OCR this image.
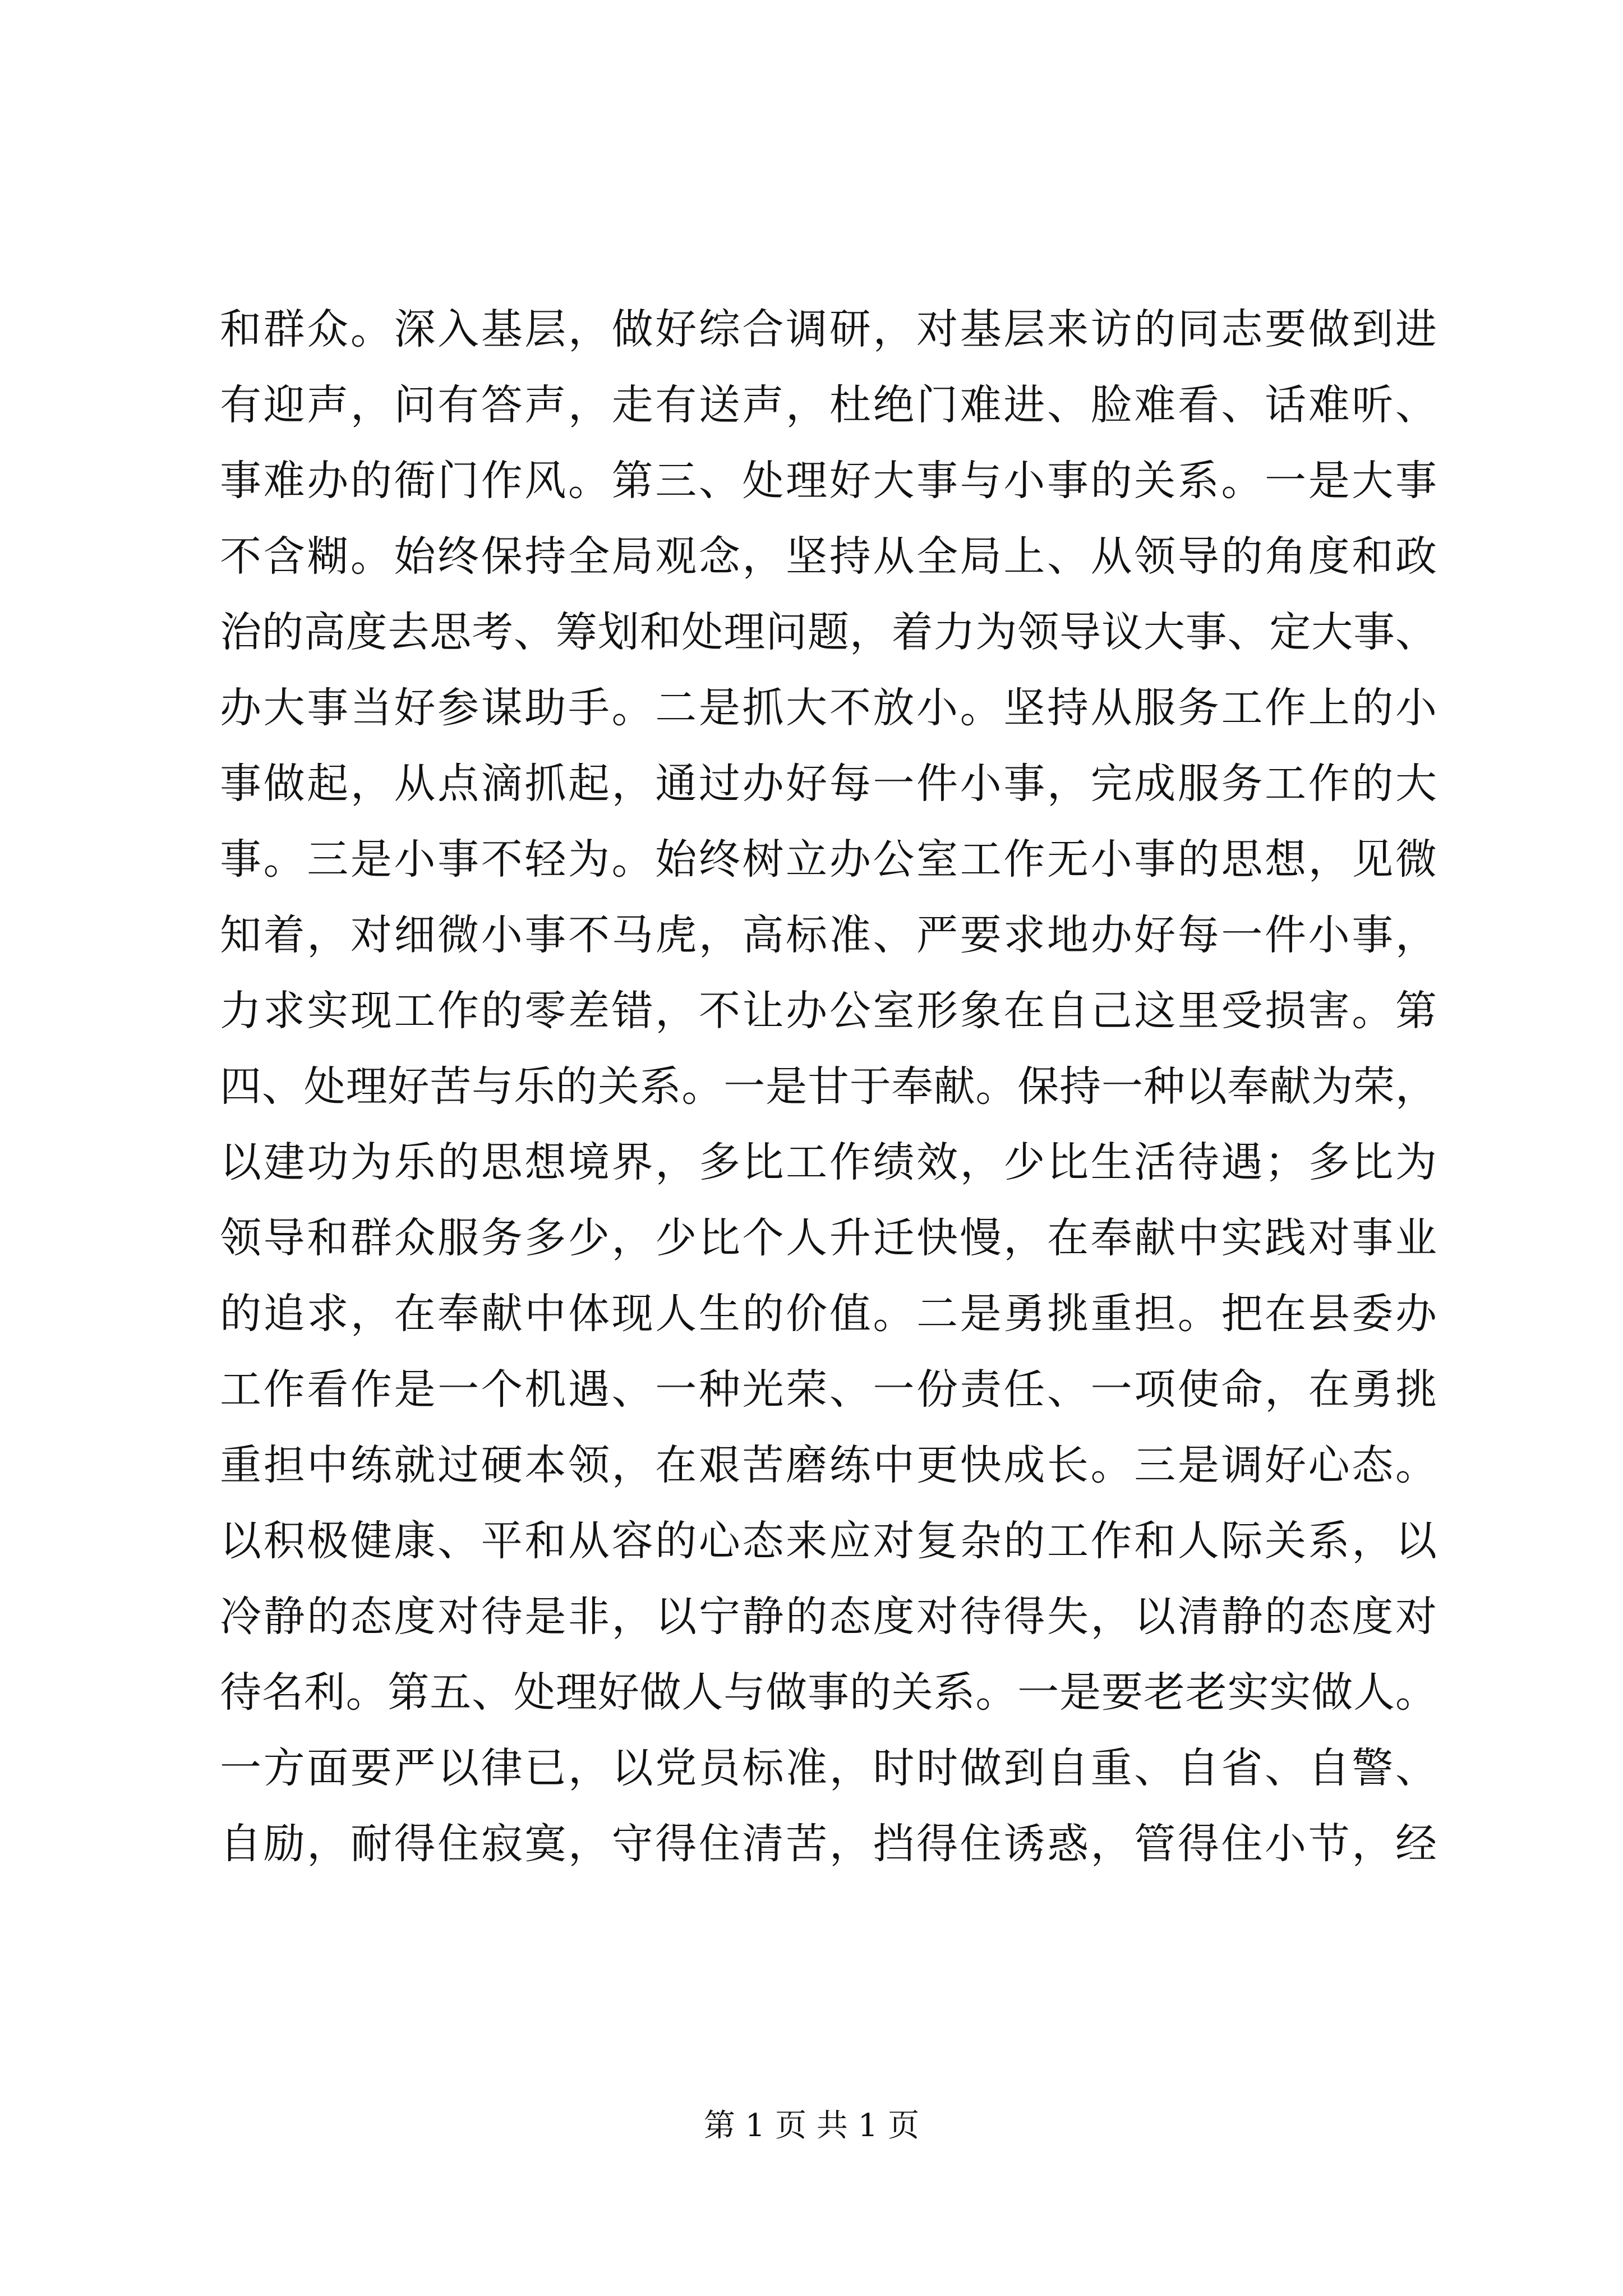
和群众。深入基层，做好综合调研，对基层来访的同志要做到进
有迎声，问有答声，走有送声，杜绝门难进、脸难看、话难听、
事难办的衙门作风。第三、处理好大事与小事的关系。一是大事
不含糊。始终保持全局观念，坚持从全局上、从领导的角度和政
治的高度去思考、筹划和处理问题，着力为领导议大事、定大事、
办大事当好参谋助手。二是抓大不放小。坚持从服务工作上的小
事做起，从点滴抓起，通过办好每一件小事，完成服务工作的大
事。三是小事不轻为。始终树立办公室工作无小事的思想，见微
知着，对细微小事不马虎，高标准、严要求地办好每一件小事，
力求实现工作的零差错，不让办公室形象在自己这里受损害。第
四、处理好苦与乐的关系。一是甘于奉献。保持一种以奉献为荣，
以建功为乐的思想境界，多比工作绩效，少比生活待遇；多比为
领导和群众服务多少，少比个人升迁快慢，在奉献中实践对事业
的追求，在奉献中体现人生的价值。二是勇挑重担。把在县委办
工作看作是一个机遇、一种光荣、一份责任、一项使命，在勇挑
重担中练就过硬本领，在艰苦磨练中更快成长。三是调好心态。
以积极健康、平和从容的心态来应对复杂的工作和人际关系，以
冷静的态度对待是非，以宁静的态度对待得失，以清静的态度对
待名利。第五、处理好做人与做事的关系。一是要老老实实做人。
一方面要严以律已，以党员标准，时时做到自重、自省、自警、
自励，耐得住寂寞，守得住清苦，挡得住诱惑，管得住小节，经
第 1 页 共 1 页
